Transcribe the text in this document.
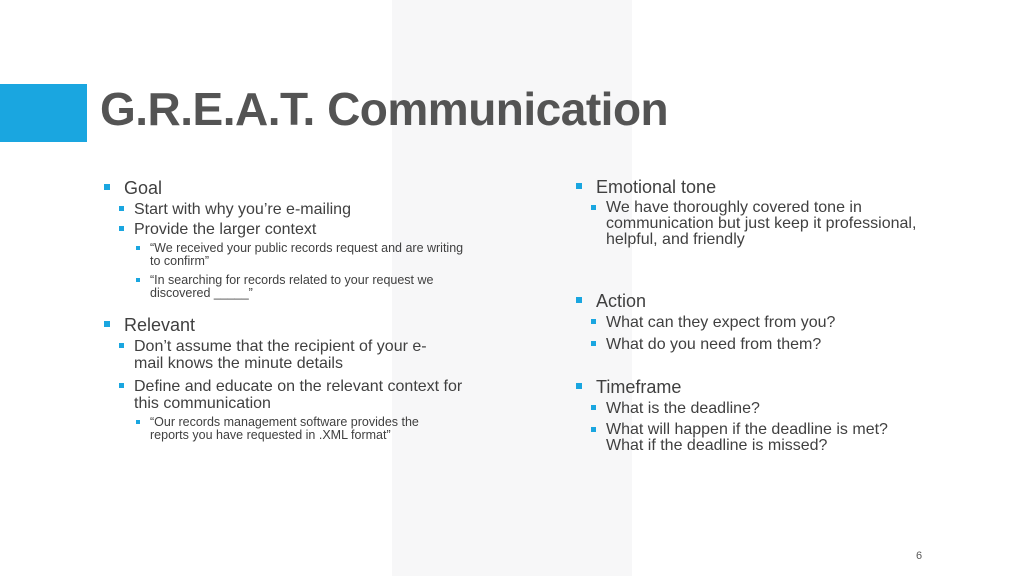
G.R.E.A.T. Communication
Goal
Start with why you’re e-mailing
Provide the larger context
“We received your public records request and are writing to confirm”
“In searching for records related to your request we discovered _____”
Relevant
Don’t assume that the recipient of your e-mail knows the minute details
Define and educate on the relevant context for this communication
“Our records management software provides the reports you have requested in .XML format”
Emotional tone
We have thoroughly covered tone in communication but just keep it professional, helpful, and friendly
Action
What can they expect from you?
What do you need from them?
Timeframe
What is the deadline?
What will happen if the deadline is met? What if the deadline is missed?
6
